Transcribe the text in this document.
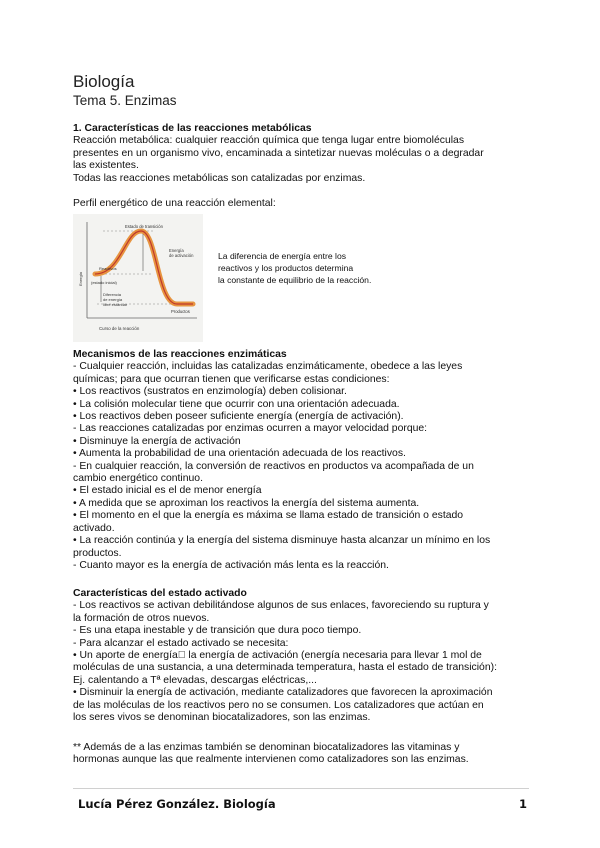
Biología
Tema 5. Enzimas

1. Características de las reacciones metabólicas

Reacción metabólica: cualquier reacción química que tenga lugar entre biomoléculas

presentes en un organismo vivo, encaminada a sintetizar nuevas moléculas o a degradar

las existentes.

Todas las reacciones metabólicas son catalizadas por enzimas.

Perfil energético de una reacción elemental:
Estado de transición
Energía
de activación
Reactivos
(estado inicial)
Diferencia
de energía
libre estándar
Productos
Curso de la reacción
Energía
La diferencia de energía entre los
reactivos y los productos determina
la constante de equilibrio de la reacción.

Mecanismos de las reacciones enzimáticas

- Cualquier reacción, incluidas las catalizadas enzimáticamente, obedece a las leyes

químicas; para que ocurran tienen que verificarse estas condiciones:

• Los reactivos (sustratos en enzimología) deben colisionar.

• La colisión molecular tiene que ocurrir con una orientación adecuada.

• Los reactivos deben poseer suficiente energía (energía de activación).

- Las reacciones catalizadas por enzimas ocurren a mayor velocidad porque:

• Disminuye la energía de activación

• Aumenta la probabilidad de una orientación adecuada de los reactivos.

- En cualquier reacción, la conversión de reactivos en productos va acompañada de un

cambio energético continuo.

• El estado inicial es el de menor energía

• A medida que se aproximan los reactivos la energía del sistema aumenta.

• El momento en el que la energía es máxima se llama estado de transición o estado

activado.

• La reacción continúa y la energía del sistema disminuye hasta alcanzar un mínimo en los

productos.

- Cuanto mayor es la energía de activación más lenta es la reacción.

Características del estado activado

- Los reactivos se activan debilitándose algunos de sus enlaces, favoreciendo su ruptura y

la formación de otros nuevos.

- Es una etapa inestable y de transición que dura poco tiempo.

- Para alcanzar el estado activado se necesita:

• Un aporte de energía la energía de activación (energía necesaria para llevar 1 mol de

moléculas de una sustancia, a una determinada temperatura, hasta el estado de transición):

Ej. calentando a Tª elevadas, descargas eléctricas,...

• Disminuir la energía de activación, mediante catalizadores que favorecen la aproximación

de las moléculas de los reactivos pero no se consumen. Los catalizadores que actúan en

los seres vivos se denominan biocatalizadores, son las enzimas.

** Además de a las enzimas también se denominan biocatalizadores las vitaminas y

hormonas aunque las que realmente intervienen como catalizadores son las enzimas.

Lucía Pérez González. Biología	1
